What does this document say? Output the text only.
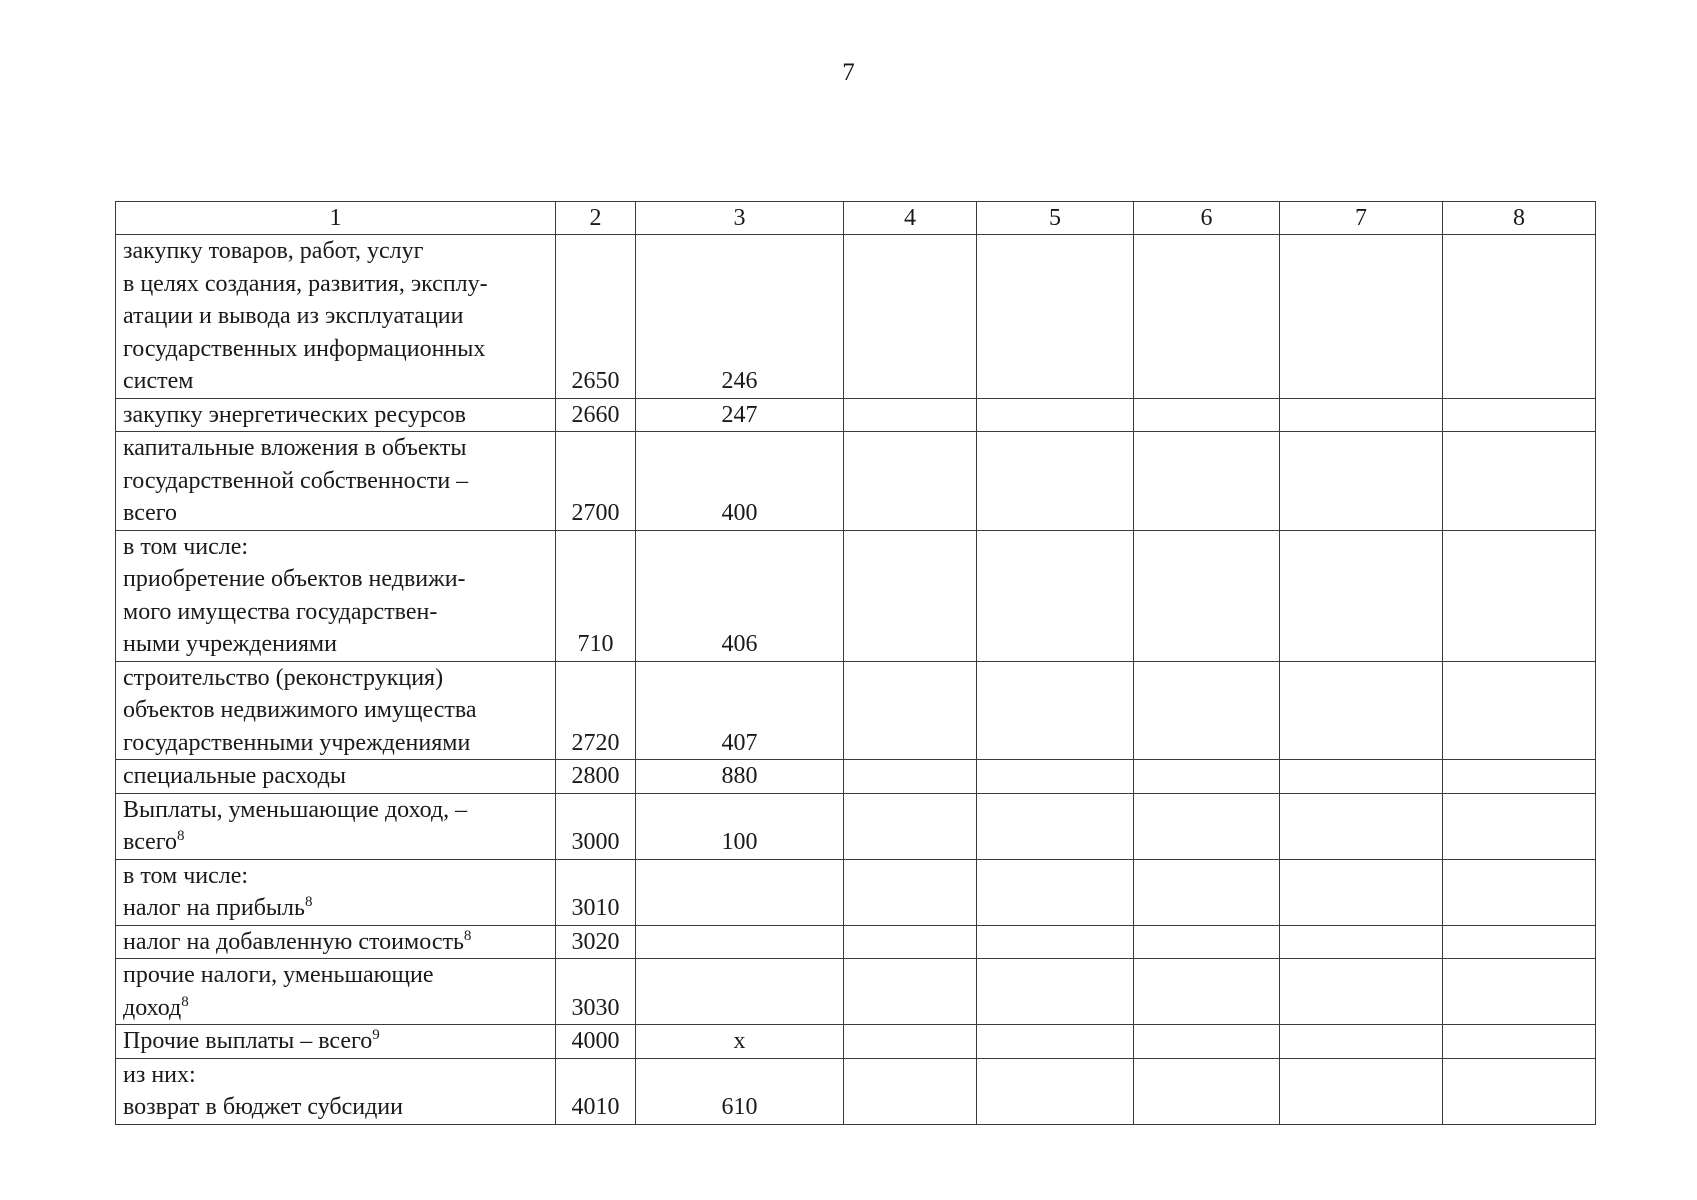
7
1	2	3	4	5	6	7	8

закупку товаров, работ, услуг
в целях создания, развития, эксплу-
атации и вывода из эксплуатации
государственных информационных
систем	2650	246					

закупку энергетических ресурсов	2660	247					

капитальные вложения в объекты
государственной собственности –
всего	2700	400					

в том числе:
приобретение объектов недвижи-
мого имущества государствен-
ными учреждениями	710	406					

строительство (реконструкция)
объектов недвижимого имущества
государственными учреждениями	2720	407					

специальные расходы	2800	880					

Выплаты, уменьшающие доход, –
всего$^8$	3000	100					

в том числе:
налог на прибыль$^8$	3010						

налог на добавленную стоимость$^8$	3020						

прочие налоги, уменьшающие
доход$^8$	3030						

Прочие выплаты – всего$^9$	4000	х					

из них:
возврат в бюджет субсидии	4010	610					
